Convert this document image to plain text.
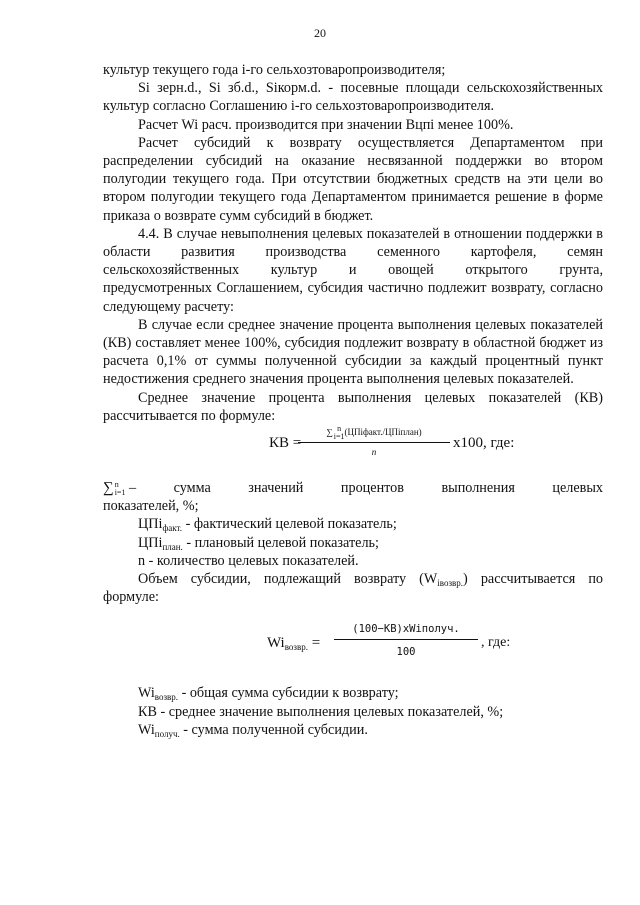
20

культур текущего года i-го сельхозтоваропроизводителя;

Si зерн.d., Si зб.d., Siкорм.d. - посевные площади сельскохозяйственных культур согласно Соглашению i-го сельхозтоваропроизводителя.

Расчет Wi расч. производится при значении Вцпi менее 100%.

Расчет субсидий к возврату осуществляется Департаментом при распределении субсидий на оказание несвязанной поддержки во втором полугодии текущего года. При отсутствии бюджетных средств на эти цели во втором полугодии текущего года Департаментом принимается решение в форме приказа о возврате сумм субсидий в бюджет.

4.4. В случае невыполнения целевых показателей в отношении поддержки в области развития производства семенного картофеля, семян

сельскохозяйственных культур и овощей открытого грунта,

предусмотренных Соглашением, субсидия частично подлежит возврату, согласно следующему расчету:

В случае если среднее значение процента выполнения целевых показателей (КВ) составляет менее 100%, субсидия подлежит возврату в областной бюджет из расчета 0,1% от суммы полученной субсидии за каждый процентный пункт недостижения среднего значения процента выполнения целевых показателей.

Среднее значение процента выполнения целевых показателей (КВ) рассчитывается по формуле:

КВ =
∑ n
i=1 (ЦПiфакт./ЦПiплан)
n
х100, где:
∑ n
i=1 –	сумма	значений	процентов	выполнения	целевых

показателей, %;

ЦПi$_{факт.}$ - фактический целевой показатель;

ЦПi$_{план.}$ - плановый целевой показатель;

n - количество целевых показателей.

Объем субсидии, подлежащий возврату $(W_{iвозвр.})$ рассчитывается по формуле:

$Wi_{возвр.}$ =
(100−КВ)xWiполуч.
100
, где:

$Wi_{возвр.}$ - общая сумма субсидии к возврату;

КВ - среднее значение выполнения целевых показателей, %;

$Wi_{получ.}$ - сумма полученной субсидии.
